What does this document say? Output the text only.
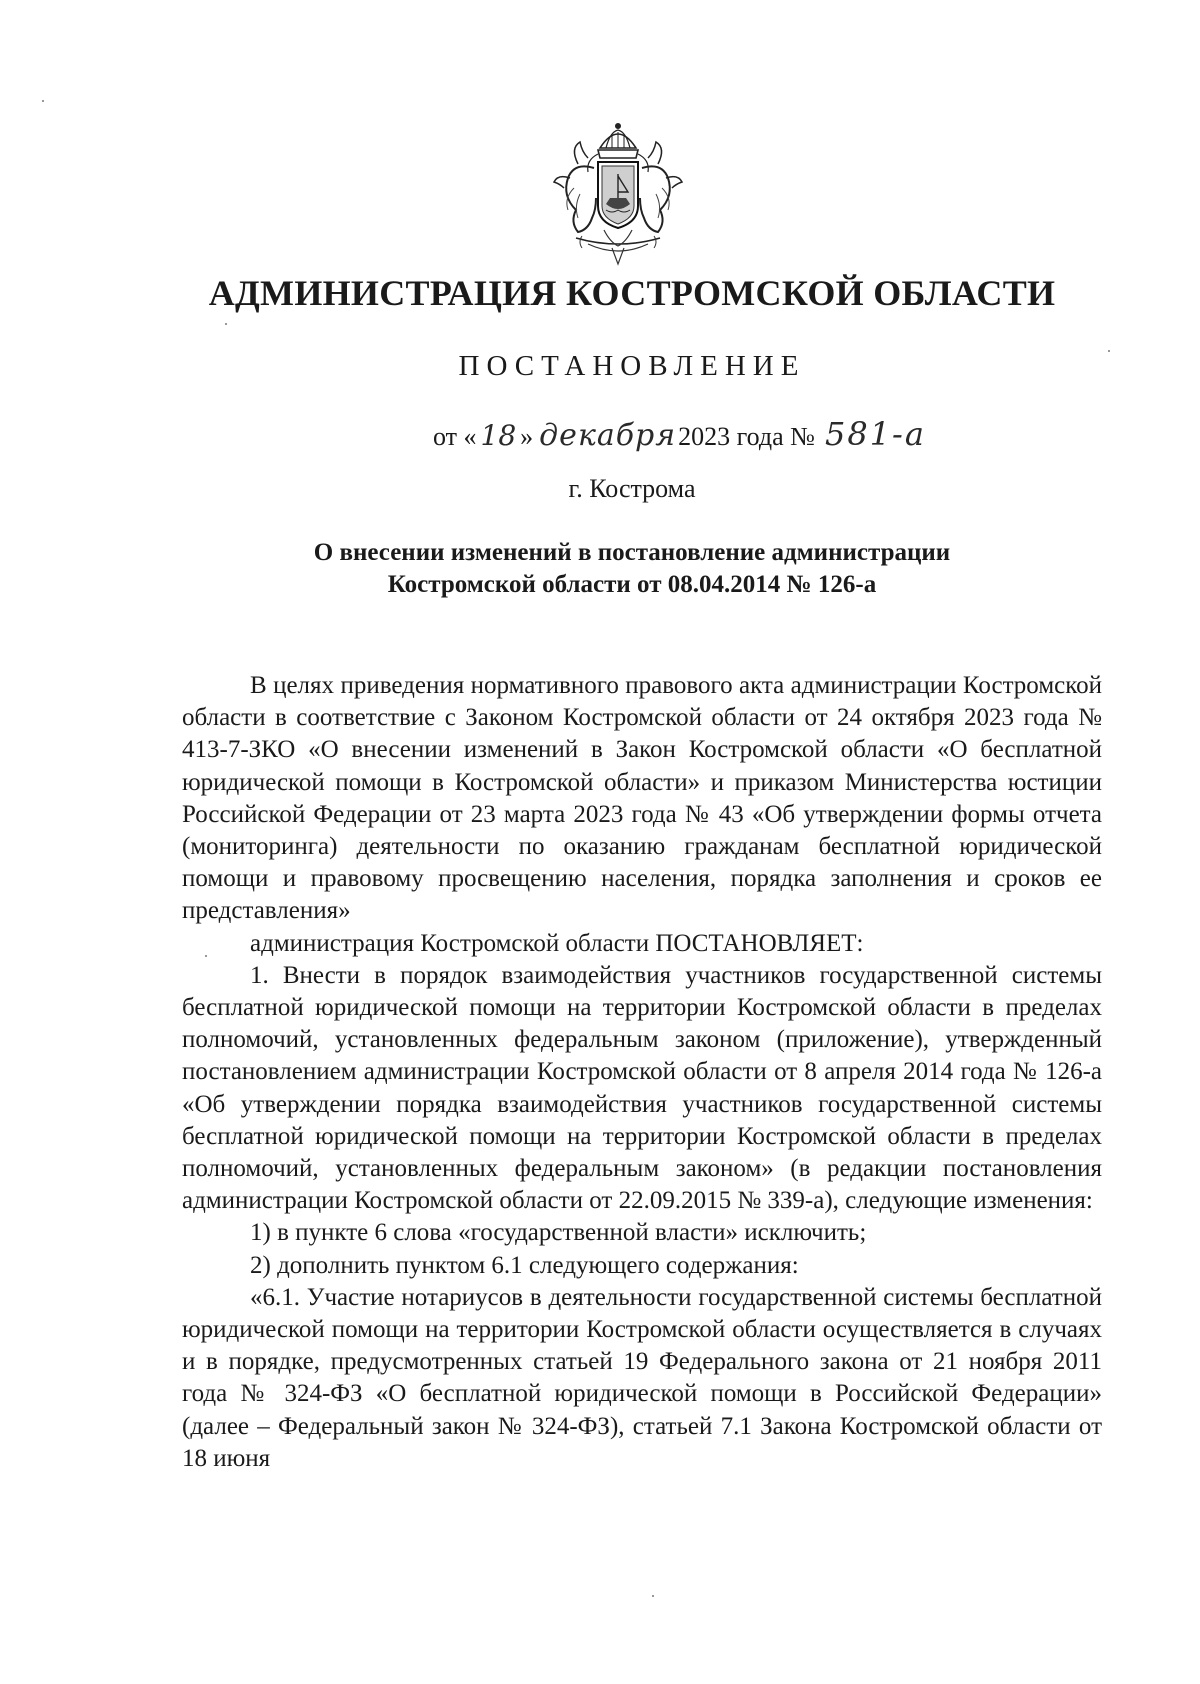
АДМИНИСТРАЦИЯ КОСТРОМСКОЙ ОБЛАСТИ
ПОСТАНОВЛЕНИЕ
от « 18 » декабря2023 года № 581-а
г. Кострома
О внесении изменений в постановление администрации
Костромской области от 08.04.2014 № 126-а

В целях приведения нормативного правового акта администрации Костромской области в соответствие с Законом Костромской области от 24 октября 2023 года № 413-7-ЗКО «О внесении изменений в Закон Костромской области «О бесплатной юридической помощи в Костромской области» и приказом Министерства юстиции Российской Федерации от 23 марта 2023 года № 43 «Об утверждении формы отчета (мониторинга) деятельности по оказанию гражданам бесплатной юридической помощи и правовому просвещению населения, порядка заполнения и сроков ее представления»

администрация Костромской области ПОСТАНОВЛЯЕТ:

1. Внести в порядок взаимодействия участников государственной системы бесплатной юридической помощи на территории Костромской области в пределах полномочий, установленных федеральным законом (приложение), утвержденный постановлением администрации Костромской области от 8 апреля 2014 года № 126-а «Об утверждении порядка взаимодействия участников государственной системы бесплатной юридической помощи на территории Костромской области в пределах полномочий, установленных федеральным законом» (в редакции постановления администрации Костромской области от 22.09.2015 № 339-а), следующие изменения:

1) в пункте 6 слова «государственной власти» исключить;

2) дополнить пунктом 6.1 следующего содержания:

«6.1. Участие нотариусов в деятельности государственной системы бесплатной юридической помощи на территории Костромской области осуществляется в случаях и в порядке, предусмотренных статьей 19 Федерального закона от 21 ноября 2011 года № 324-ФЗ «О бесплатной юридической помощи в Российской Федерации» (далее – Федеральный закон № 324-ФЗ), статьей 7.1 Закона Костромской области от 18 июня
